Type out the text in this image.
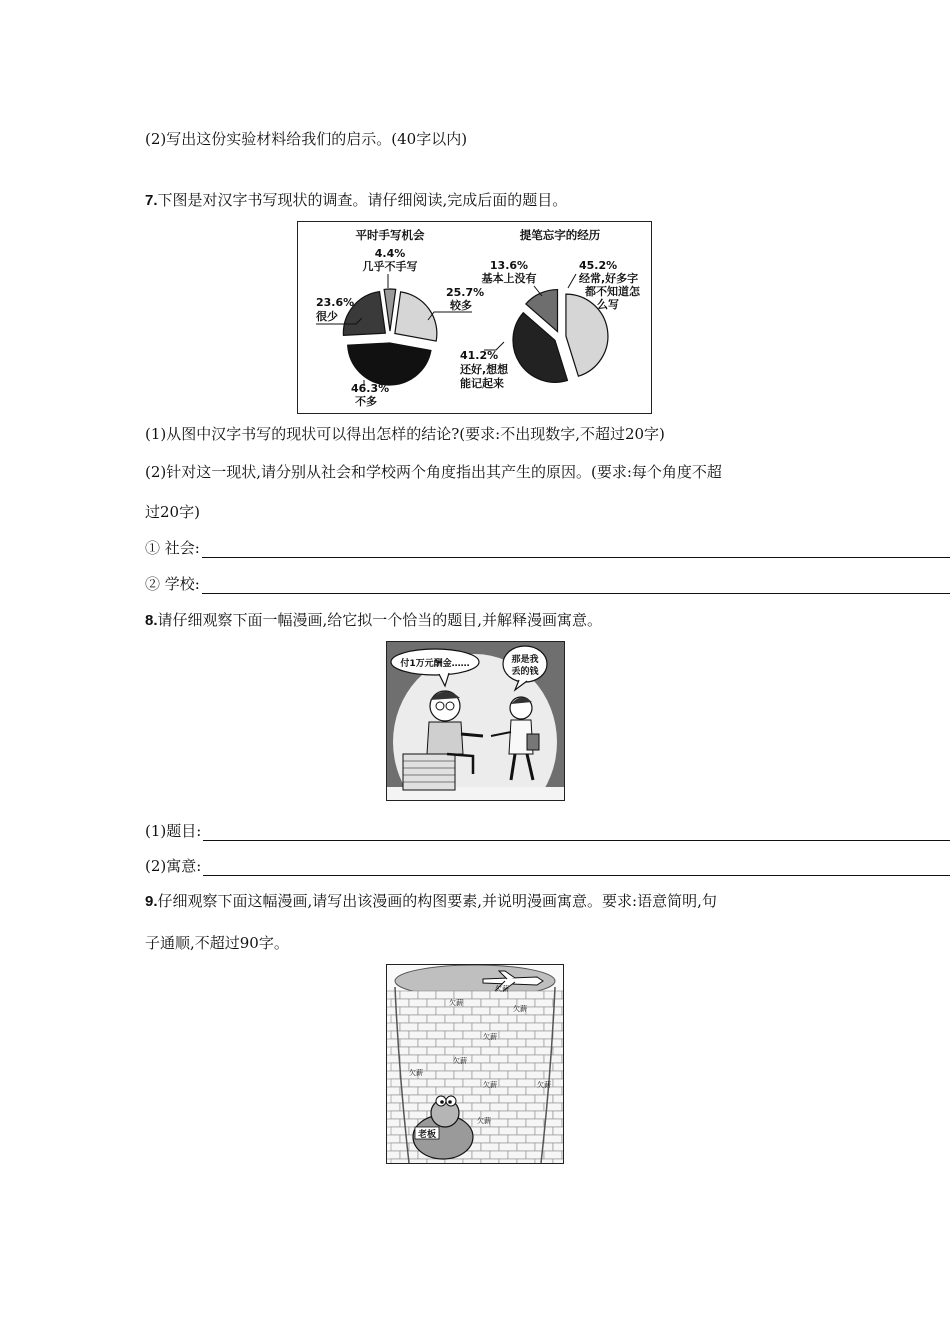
(2)写出这份实验材料给我们的启示。(40字以内)
7.下图是对汉字书写现状的调查。请仔细阅读,完成后面的题目。
平时手写机会	提笔忘字的经历
4.4%
几乎不手写
25.7%
较多
23.6%
很少
46.3%
不多
13.6%
基本上没有
45.2%
经常,好多字
都不知道怎
么写
41.2%
还好,想想
能记起来
(1)从图中汉字书写的现状可以得出怎样的结论?(要求:不出现数字,不超过20字)
(2)针对这一现状,请分别从社会和学校两个角度指出其产生的原因。(要求:每个角度不超
过20字)
① 社会:
② 学校:
8.请仔细观察下面一幅漫画,给它拟一个恰当的题目,并解释漫画寓意。
付1万元酬金……	那是我
丢的钱
(1)题目:
(2)寓意:
9.仔细观察下面这幅漫画,请写出该漫画的构图要素,并说明漫画寓意。要求:语意简明,句
子通顺,不超过90字。
欠薪
欠薪
欠薪
欠薪
欠薪
欠薪
欠薪	欠薪
欠薪
老板
